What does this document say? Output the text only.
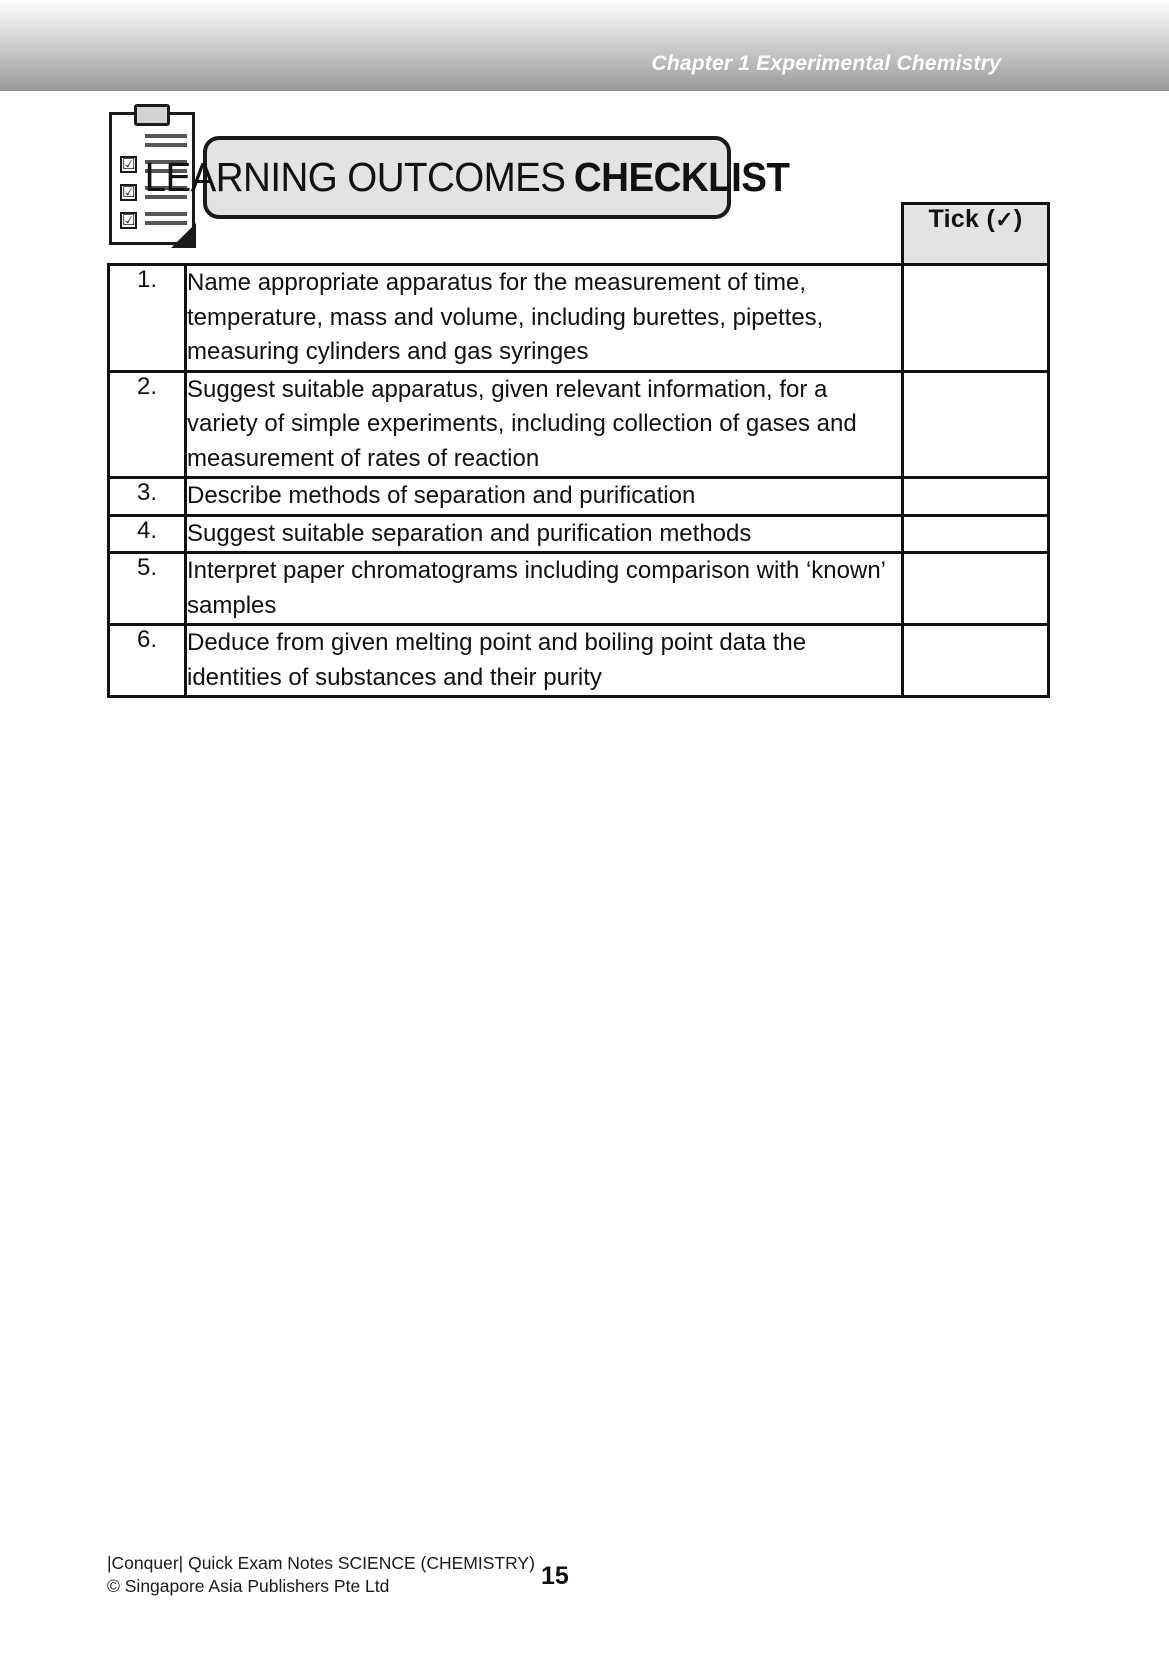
Chapter 1 Experimental Chemistry
☑
☑
☑
LEARNING OUTCOMES CHECKLIST
		Tick (✓)
1.	Name appropriate apparatus for the measurement of time, temperature, mass and volume, including burettes, pipettes, measuring cylinders and gas syringes	
2.	Suggest suitable apparatus, given relevant information, for a variety of simple experiments, including collection of gases and measurement of rates of reaction	
3.	Describe methods of separation and purification	
4.	Suggest suitable separation and purification methods	
5.	Interpret paper chromatograms including comparison with ‘known’ samples	
6.	Deduce from given melting point and boiling point data the identities of substances and their purity	
|Conquer| Quick Exam Notes SCIENCE (CHEMISTRY)
© Singapore Asia Publishers Pte Ltd	15
